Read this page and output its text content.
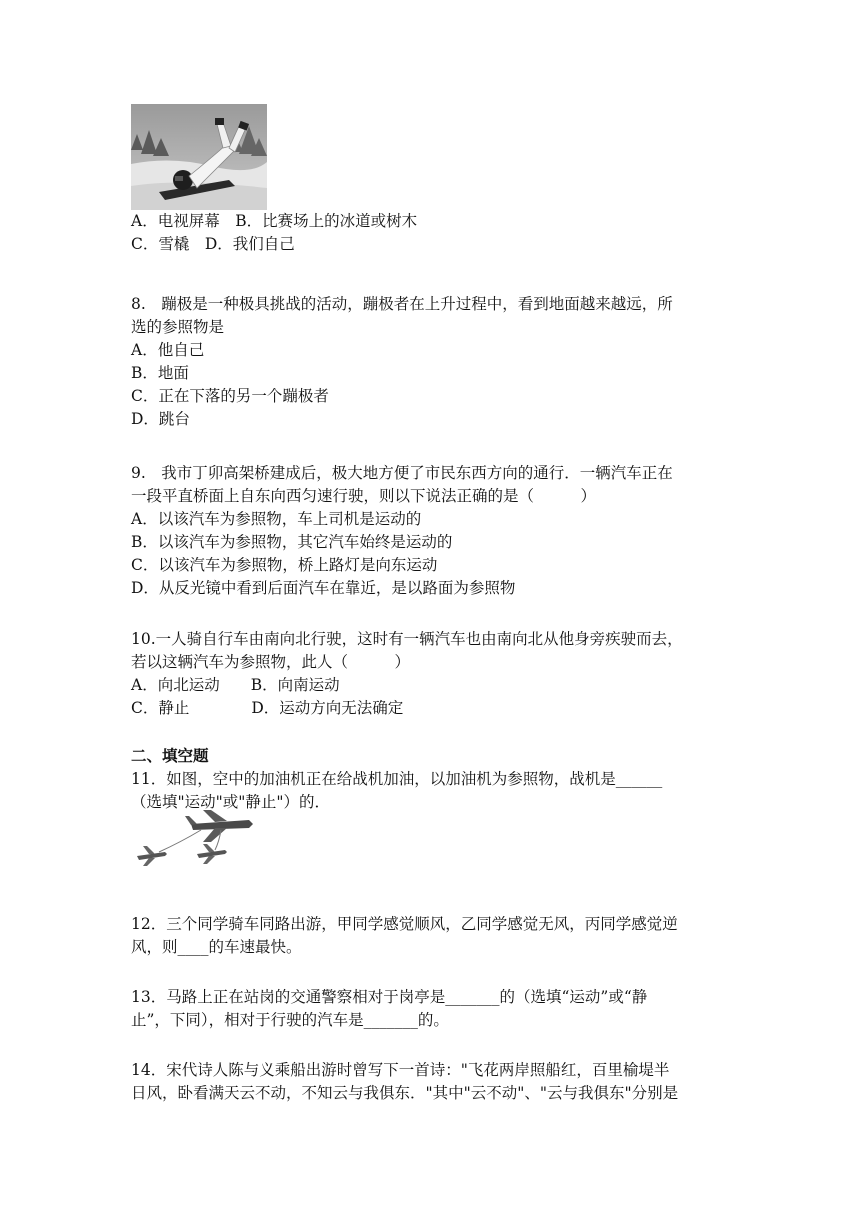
A．电视屏幕　B．比赛场上的冰道或树木
C．雪橇　D．我们自己
8.　蹦极是一种极具挑战的活动，蹦极者在上升过程中，看到地面越来越远，所
选的参照物是
A．他自己
B．地面
C．正在下落的另一个蹦极者
D．跳台
9.　我市丁卯高架桥建成后，极大地方便了市民东西方向的通行．一辆汽车正在
一段平直桥面上自东向西匀速行驶，则以下说法正确的是（　　　）
A．以该汽车为参照物，车上司机是运动的
B．以该汽车为参照物，其它汽车始终是运动的
C．以该汽车为参照物，桥上路灯是向东运动
D．从反光镜中看到后面汽车在靠近，是以路面为参照物
10.一人骑自行车由南向北行驶，这时有一辆汽车也由南向北从他身旁疾驶而去，
若以这辆汽车为参照物，此人（　　　）
A．向北运动　　B．向南运动
C．静止　　　　D．运动方向无法确定
二、填空题
11．如图，空中的加油机正在给战机加油，以加油机为参照物，战机是______
（选填"运动"或"静止"）的．
12．三个同学骑车同路出游，甲同学感觉顺风，乙同学感觉无风，丙同学感觉逆
风，则____的车速最快。
13．马路上正在站岗的交通警察相对于岗亭是_______的（选填“运动”或“静
止”，下同），相对于行驶的汽车是_______的。
14．宋代诗人陈与义乘船出游时曾写下一首诗："飞花两岸照船红，百里榆堤半
日风，卧看满天云不动，不知云与我俱东．"其中"云不动"、"云与我俱东"分别是
